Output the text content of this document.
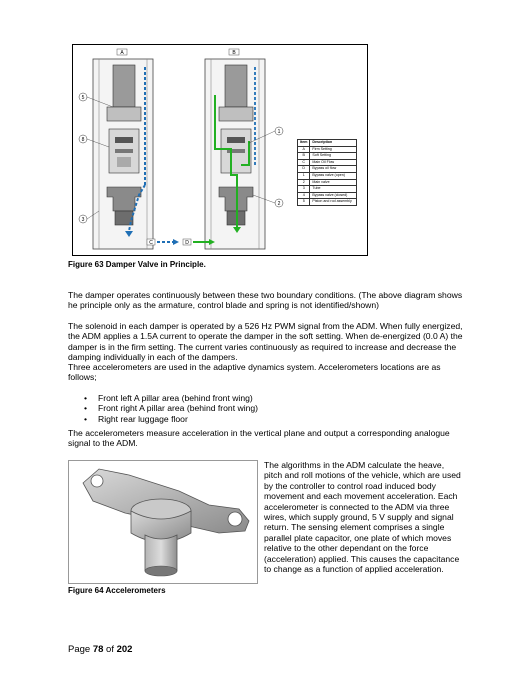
A	B
5
8
3
1
2
C	D
Item	Description
A	Firm Setting
B	Soft Setting
C	Main Oil Flow
D	Bypass oil flow
1	Bypass valve (open)
2	Main valve
3	Tube
4	Bypass valve (closed)
5	Piston and rod assembly
Figure 63 Damper Valve in Principle.

The damper operates continuously between these two boundary conditions. (The above diagram shows he principle only as the armature, control blade and spring is not identified/shown)

The solenoid in each damper is operated by a 526 Hz PWM signal from the ADM. When fully energized, the ADM applies a 1.5A current to operate the damper in the soft setting. When de-energized (0.0 A) the damper is in the firm setting. The current varies continuously as required to increase and decrease the damping individually in each of the dampers.

Three accelerometers are used in the adaptive dynamics system. Accelerometers locations are as follows;

• Front left A pillar area (behind front wing)
• Front right A pillar area (behind front wing)
• Right rear luggage floor

The accelerometers measure acceleration in the vertical plane and output a corresponding analogue signal to the ADM.

Figure 64 Accelerometers

The algorithms in the ADM calculate the heave, pitch and roll motions of the vehicle, which are used by the controller to control road induced body movement and each movement acceleration. Each accelerometer is connected to the ADM via three wires, which supply ground, 5 V supply and signal return. The sensing element comprises a single parallel plate capacitor, one plate of which moves relative to the other dependant on the force (acceleration) applied. This causes the capacitance to change as a function of applied acceleration.

Page 78 of 202
